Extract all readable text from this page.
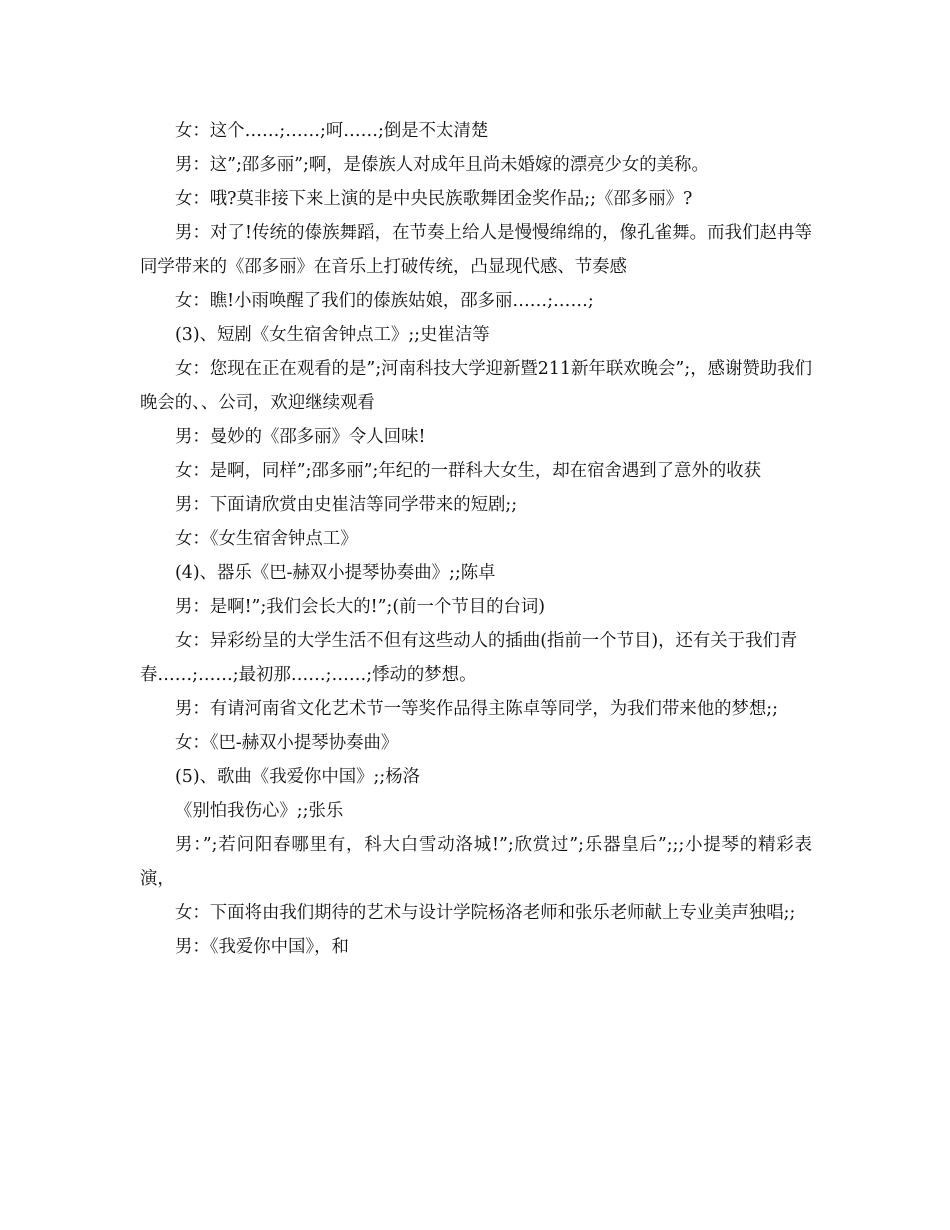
女：这个……;……;呵……;倒是不太清楚

男：这”;邵多丽”;啊，是傣族人对成年且尚未婚嫁的漂亮少女的美称。

女：哦?莫非接下来上演的是中央民族歌舞团金奖作品;;《邵多丽》?

男：对了!传统的傣族舞蹈，在节奏上给人是慢慢绵绵的，像孔雀舞。而我们赵冉等同学带来的《邵多丽》在音乐上打破传统，凸显现代感、节奏感

女：瞧!小雨唤醒了我们的傣族姑娘，邵多丽……;……;

(3)、短剧《女生宿舍钟点工》;;史崔洁等

女：您现在正在观看的是”;河南科技大学迎新暨211新年联欢晚会”;，感谢赞助我们晚会的、、公司，欢迎继续观看

男：曼妙的《邵多丽》令人回味!

女：是啊，同样”;邵多丽”;年纪的一群科大女生，却在宿舍遇到了意外的收获

男：下面请欣赏由史崔洁等同学带来的短剧;;

女：《女生宿舍钟点工》

(4)、器乐《巴-赫双小提琴协奏曲》;;陈卓

男：是啊!”;我们会长大的!”;(前一个节目的台词)

女：异彩纷呈的大学生活不但有这些动人的插曲(指前一个节目)，还有关于我们青

春……;……;最初那……;……;悸动的梦想。

男：有请河南省文化艺术节一等奖作品得主陈卓等同学，为我们带来他的梦想;;

女：《巴-赫双小提琴协奏曲》

(5)、歌曲《我爱你中国》;;杨洛

《别怕我伤心》;;张乐

男：”;若问阳春哪里有，科大白雪动洛城!”;欣赏过”;乐器皇后”;;;小提琴的精彩表演，

女：下面将由我们期待的艺术与设计学院杨洛老师和张乐老师献上专业美声独唱;;

男：《我爱你中国》，和
